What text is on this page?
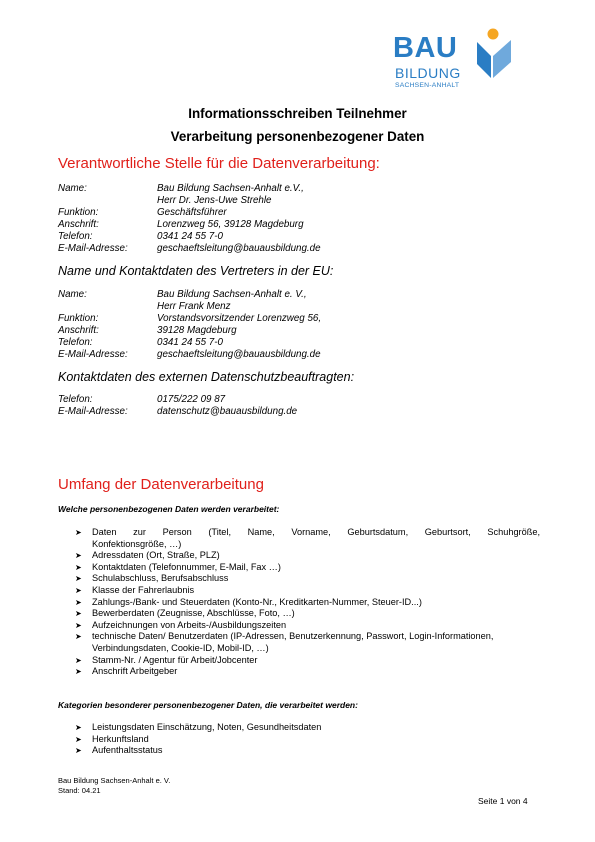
BAU
BILDUNG
SACHSEN-ANHALT
Informationsschreiben Teilnehmer
Verarbeitung personenbezogener Daten
Verantwortliche Stelle für die Datenverarbeitung:
Name:	Bau Bildung Sachsen-Anhalt e.V.,
Herr Dr. Jens-Uwe Strehle
Funktion:	Geschäftsführer
Anschrift:	Lorenzweg 56, 39128 Magdeburg
Telefon:	0341 24 55 7-0
E-Mail-Adresse:	geschaeftsleitung@bauausbildung.de
Name und Kontaktdaten des Vertreters in der EU:
Name:	Bau Bildung Sachsen-Anhalt e. V.,
Herr Frank Menz
Funktion:	Vorstandsvorsitzender Lorenzweg 56,
Anschrift:	39128 Magdeburg
Telefon:	0341 24 55 7-0
E-Mail-Adresse:	geschaeftsleitung@bauausbildung.de
Kontaktdaten des externen Datenschutzbeauftragten:
Telefon:	0175/222 09 87
E-Mail-Adresse:	datenschutz@bauausbildung.de
Umfang der Datenverarbeitung
Welche personenbezogenen Daten werden verarbeitet:
➤ Daten zur Person (Titel, Name, Vorname, Geburtsdatum, Geburtsort, Schuhgröße,
Konfektionsgröße, …)
➤ Adressdaten (Ort, Straße, PLZ)
➤ Kontaktdaten (Telefonnummer, E-Mail, Fax …)
➤ Schulabschluss, Berufsabschluss
➤ Klasse der Fahrerlaubnis
➤ Zahlungs-/Bank- und Steuerdaten (Konto-Nr., Kreditkarten-Nummer, Steuer-ID...)
➤ Bewerberdaten (Zeugnisse, Abschlüsse, Foto, …)
➤ Aufzeichnungen von Arbeits-/Ausbildungszeiten
➤ technische Daten/ Benutzerdaten (IP-Adressen, Benutzerkennung, Passwort, Login-Informationen,
Verbindungsdaten, Cookie-ID, Mobil-ID, …)
➤ Stamm-Nr. / Agentur für Arbeit/Jobcenter
➤ Anschrift Arbeitgeber
Kategorien besonderer personenbezogener Daten, die verarbeitet werden:
➤ Leistungsdaten Einschätzung, Noten, Gesundheitsdaten
➤ Herkunftsland
➤ Aufenthaltsstatus
Bau Bildung Sachsen-Anhalt e. V.
Stand: 04.21
Seite 1 von 4
